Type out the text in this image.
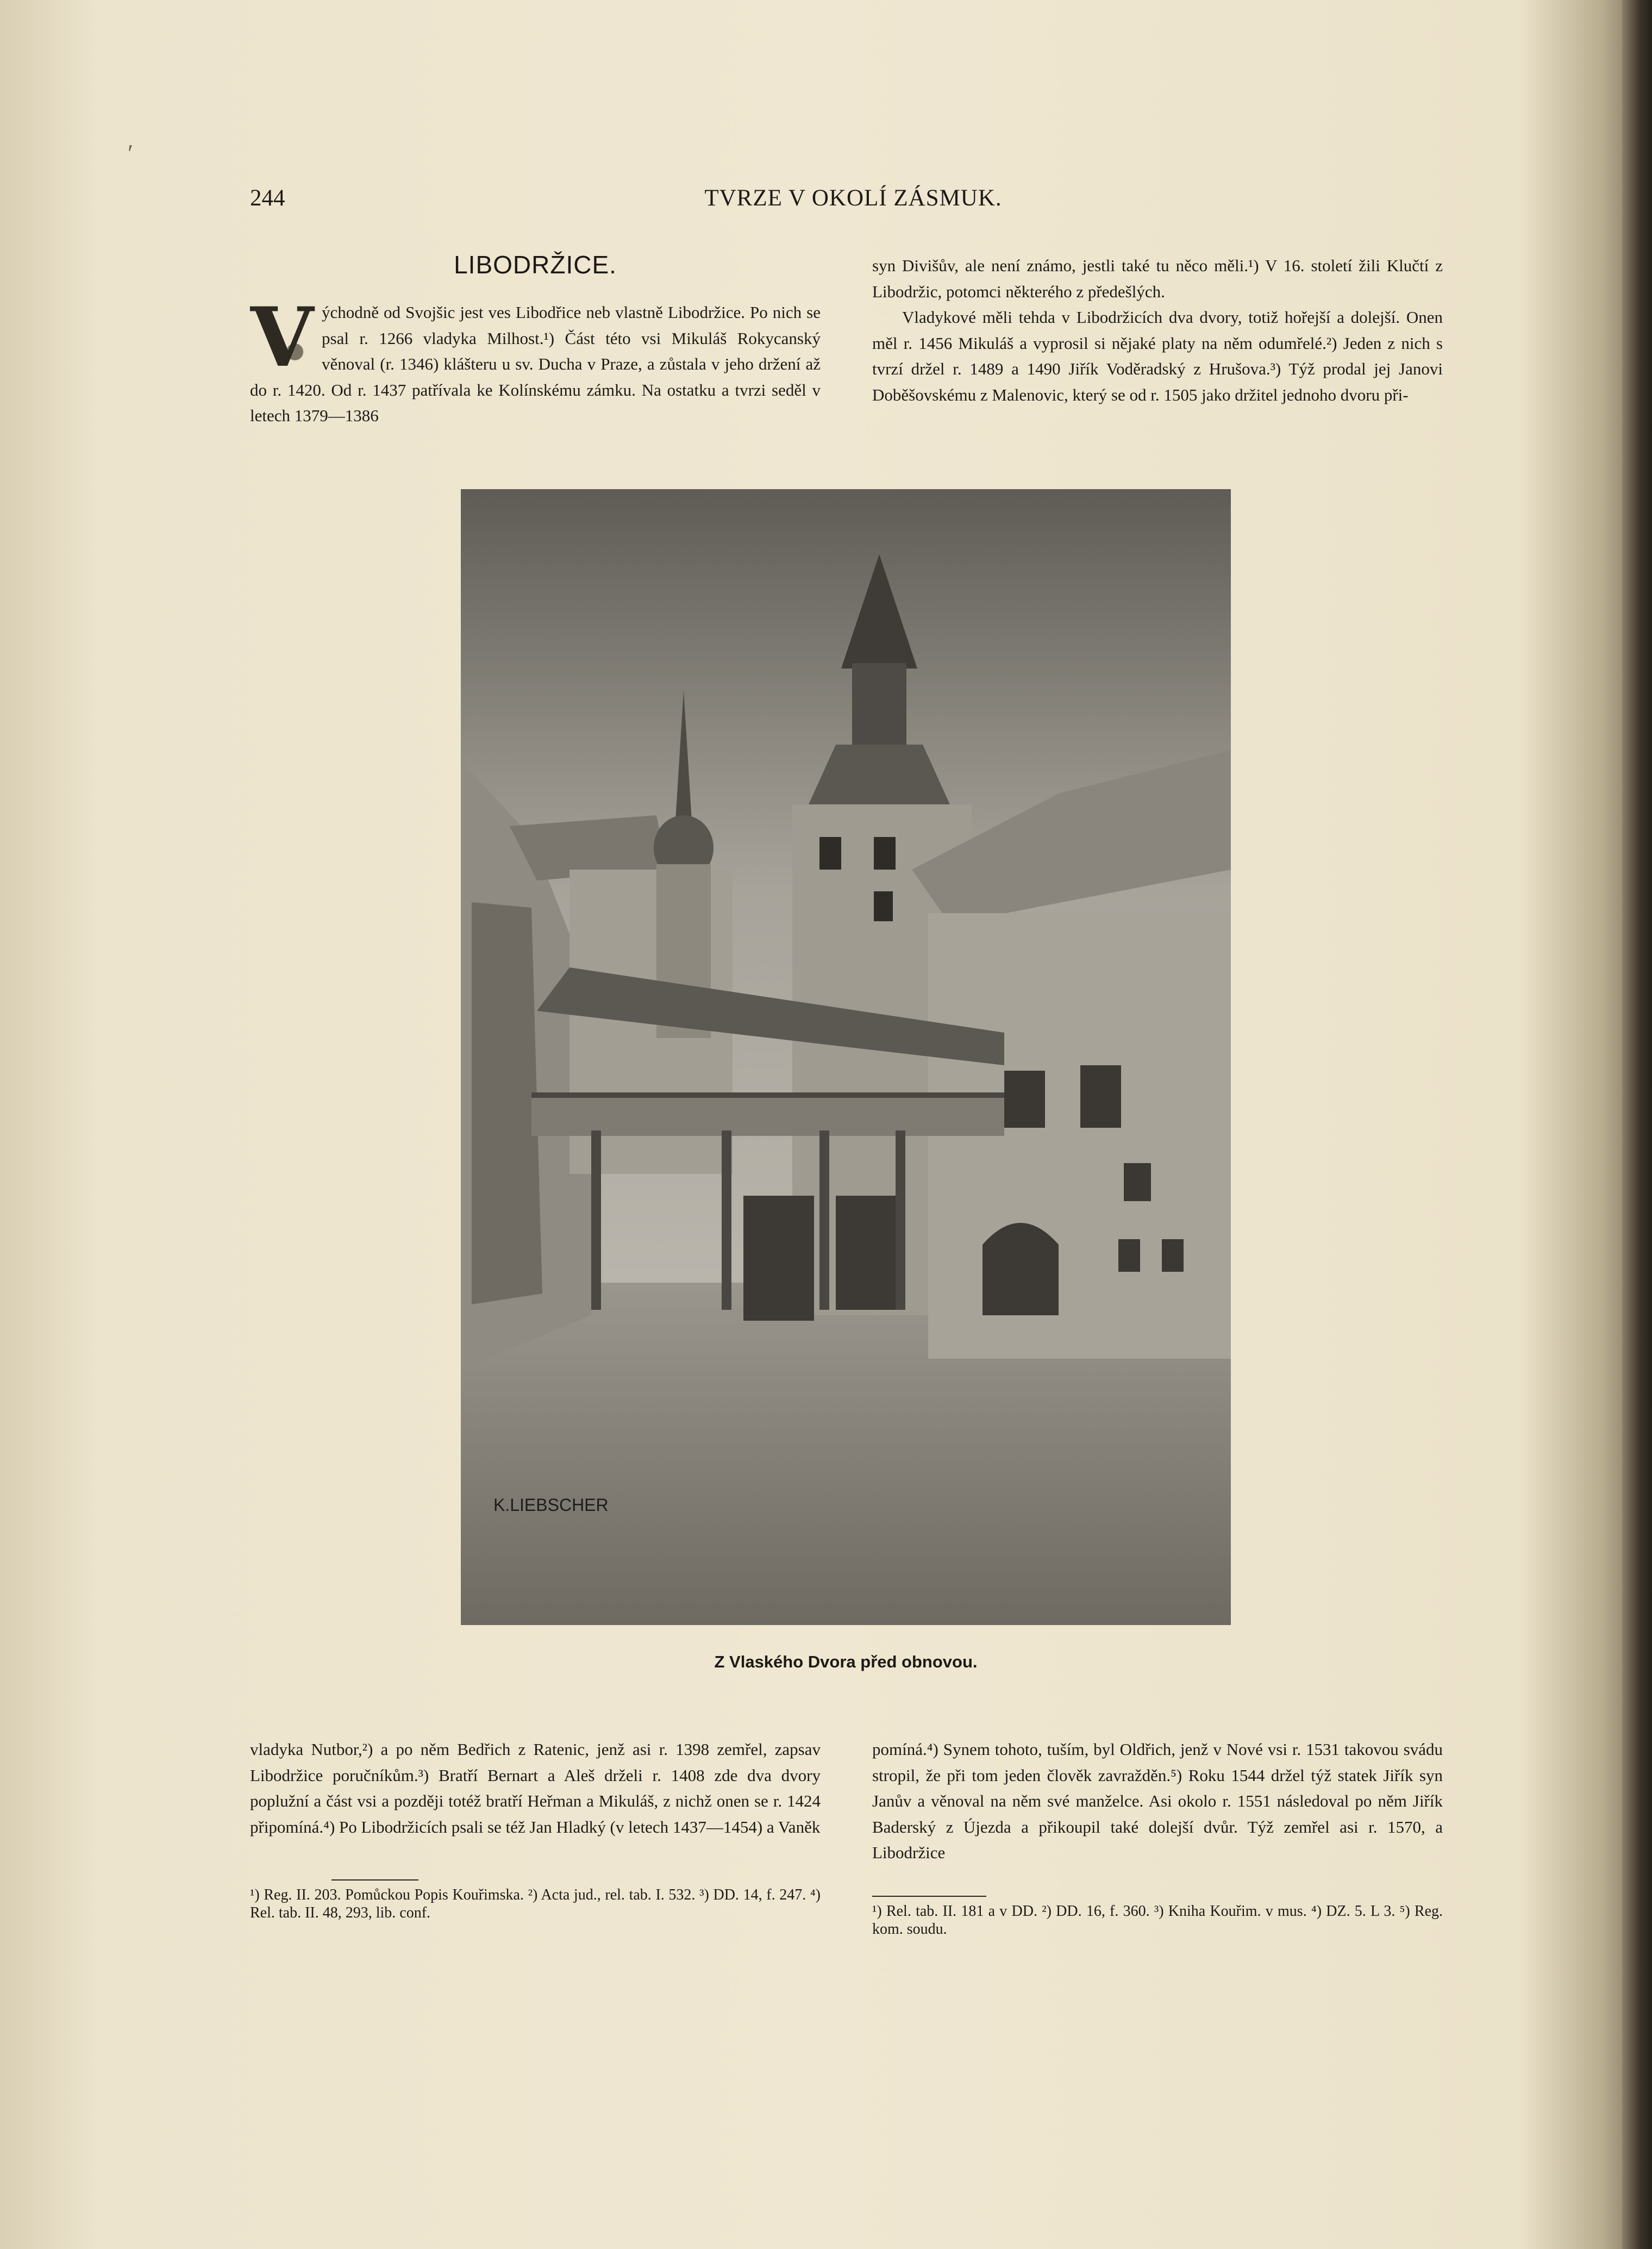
ʹ
244	TVRZE V OKOLÍ ZÁSMUK.
LIBODRŽICE.

V ýchodně od Svojšic jest ves Libodřice neb vlastně Libodržice. Po nich se psal r. 1266 vladyka Milhost.¹) Část této vsi Mikuláš Rokycanský věnoval (r. 1346) klášteru u sv. Ducha v Praze, a zůstala v jeho držení až do r. 1420. Od r. 1437 patřívala ke Kolínskému zámku. Na ostatku a tvrzi seděl v letech 1379—1386

syn Divišův, ale není známo, jestli také tu něco měli.¹) V 16. století žili Klučtí z Libodržic, potomci některého z předešlých.

Vladykové měli tehda v Libodržicích dva dvory, totiž hořejší a dolejší. Onen měl r. 1456 Mikuláš a vyprosil si nějaké platy na něm odumřelé.²) Jeden z nich s tvrzí držel r. 1489 a 1490 Jiřík Voděradský z Hrušova.³) Týž prodal jej Janovi Doběšovskému z Malenovic, který se od r. 1505 jako držitel jednoho dvoru při-

K.LIEBSCHER
Z Vlaského Dvora před obnovou.

vladyka Nutbor,²) a po něm Bedřich z Ratenic, jenž asi r. 1398 zemřel, zapsav Libodržice poručníkům.³) Bratří Bernart a Aleš drželi r. 1408 zde dva dvory poplužní a část vsi a později totéž bratří Heřman a Mikuláš, z nichž onen se r. 1424 připomíná.⁴) Po Libodržicích psali se též Jan Hladký (v letech 1437—1454) a Vaněk

pomíná.⁴) Synem tohoto, tuším, byl Oldřich, jenž v Nové vsi r. 1531 takovou svádu stropil, že při tom jeden člověk zavražděn.⁵) Roku 1544 držel týž statek Jiřík syn Janův a věnoval na něm své manželce. Asi okolo r. 1551 následoval po něm Jiřík Baderský z Újezda a přikoupil také dolejší dvůr. Týž zemřel asi r. 1570, a Libodržice

¹) Reg. II. 203. Pomůckou Popis Kouřimska. ²) Acta jud., rel. tab. I. 532. ³) DD. 14, f. 247. ⁴) Rel. tab. II. 48, 293, lib. conf.	¹) Rel. tab. II. 181 a v DD. ²) DD. 16, f. 360. ³) Kniha Kouřim. v mus. ⁴) DZ. 5. L 3. ⁵) Reg. kom. soudu.
